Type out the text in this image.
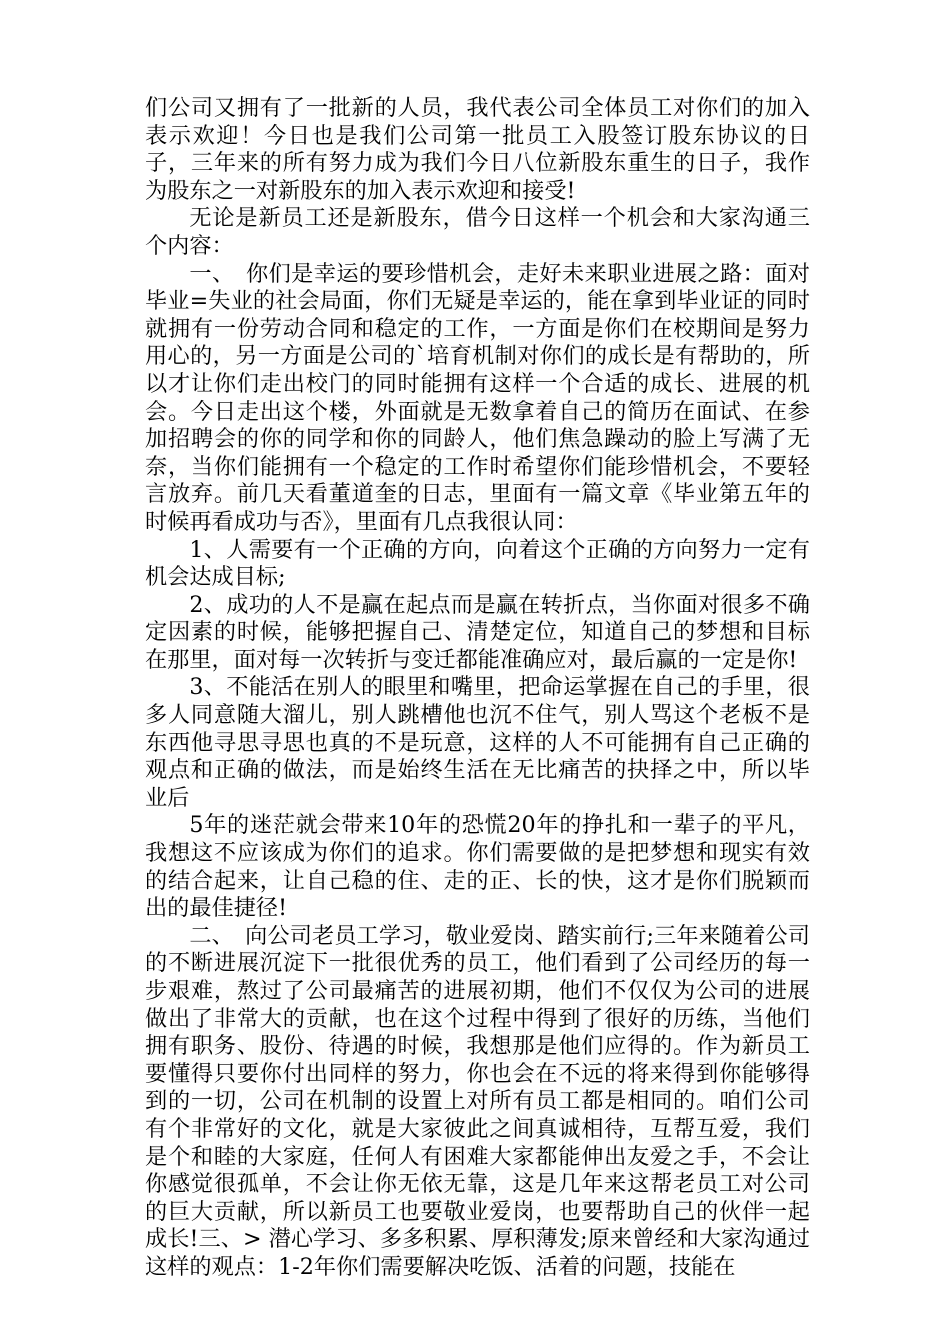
们公司又拥有了一批新的人员，我代表公司全体员工对你们的加入表示欢迎！今日也是我们公司第一批员工入股签订股东协议的日子，三年来的所有努力成为我们今日八位新股东重生的日子，我作为股东之一对新股东的加入表示欢迎和接受!

无论是新员工还是新股东，借今日这样一个机会和大家沟通三个内容：

一、　你们是幸运的要珍惜机会，走好未来职业进展之路：面对毕业=失业的社会局面，你们无疑是幸运的，能在拿到毕业证的同时就拥有一份劳动合同和稳定的工作，一方面是你们在校期间是努力用心的，另一方面是公司的`培育机制对你们的成长是有帮助的，所以才让你们走出校门的同时能拥有这样一个合适的成长、进展的机会。今日走出这个楼，外面就是无数拿着自己的简历在面试、在参加招聘会的你的同学和你的同龄人，他们焦急躁动的脸上写满了无奈，当你们能拥有一个稳定的工作时希望你们能珍惜机会，不要轻言放弃。前几天看董道奎的日志，里面有一篇文章《毕业第五年的时候再看成功与否》，里面有几点我很认同：

1、人需要有一个正确的方向，向着这个正确的方向努力一定有机会达成目标;

2、成功的人不是赢在起点而是赢在转折点，当你面对很多不确定因素的时候，能够把握自己、清楚定位，知道自己的梦想和目标在那里，面对每一次转折与变迁都能准确应对，最后赢的一定是你!

3、不能活在别人的眼里和嘴里，把命运掌握在自己的手里，很多人同意随大溜儿，别人跳槽他也沉不住气，别人骂这个老板不是东西他寻思寻思也真的不是玩意，这样的人不可能拥有自己正确的观点和正确的做法，而是始终生活在无比痛苦的抉择之中，所以毕业后

5年的迷茫就会带来10年的恐慌20年的挣扎和一辈子的平凡，我想这不应该成为你们的追求。你们需要做的是把梦想和现实有效的结合起来，让自己稳的住、走的正、长的快，这才是你们脱颖而出的最佳捷径!

二、　向公司老员工学习，敬业爱岗、踏实前行;三年来随着公司的不断进展沉淀下一批很优秀的员工，他们看到了公司经历的每一步艰难，熬过了公司最痛苦的进展初期，他们不仅仅为公司的进展做出了非常大的贡献，也在这个过程中得到了很好的历练，当他们拥有职务、股份、待遇的时候，我想那是他们应得的。作为新员工要懂得只要你付出同样的努力，你也会在不远的将来得到你能够得到的一切，公司在机制的设置上对所有员工都是相同的。咱们公司有个非常好的文化，就是大家彼此之间真诚相待，互帮互爱，我们是个和睦的大家庭，任何人有困难大家都能伸出友爱之手，不会让你感觉很孤单，不会让你无依无靠，这是几年来这帮老员工对公司的巨大贡献，所以新员工也要敬业爱岗，也要帮助自己的伙伴一起成长!三、> 潜心学习、多多积累、厚积薄发;原来曾经和大家沟通过这样的观点：1-2年你们需要解决吃饭、活着的问题，技能在
